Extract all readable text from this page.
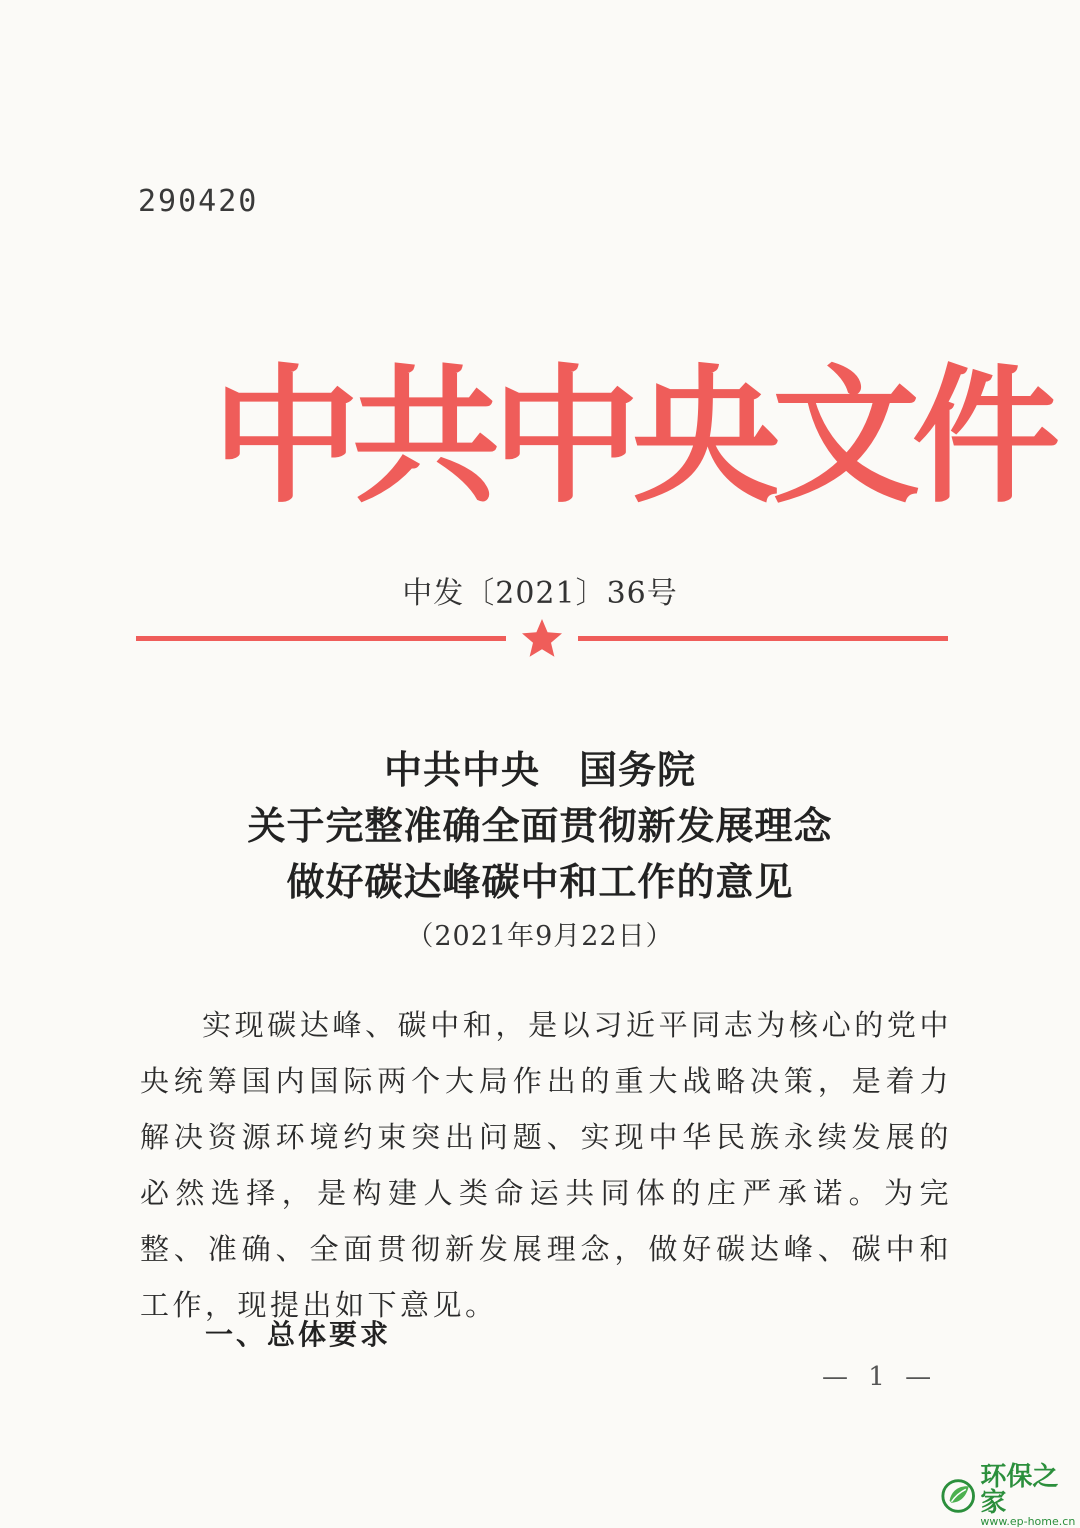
290420
中共中央文件
中发〔2021〕36号
中共中央　国务院
关于完整准确全面贯彻新发展理念
做好碳达峰碳中和工作的意见
（2021年9月22日）

实现碳达峰、碳中和，是以习近平同志为核心的党中央统筹国内国际两个大局作出的重大战略决策，是着力解决资源环境约束突出问题、实现中华民族永续发展的必然选择，是构建人类命运共同体的庄严承诺。为完整、准确、全面贯彻新发展理念，做好碳达峰、碳中和工作，现提出如下意见。

一、总体要求
— 1 —
环保之家
www.ep-home.cn
